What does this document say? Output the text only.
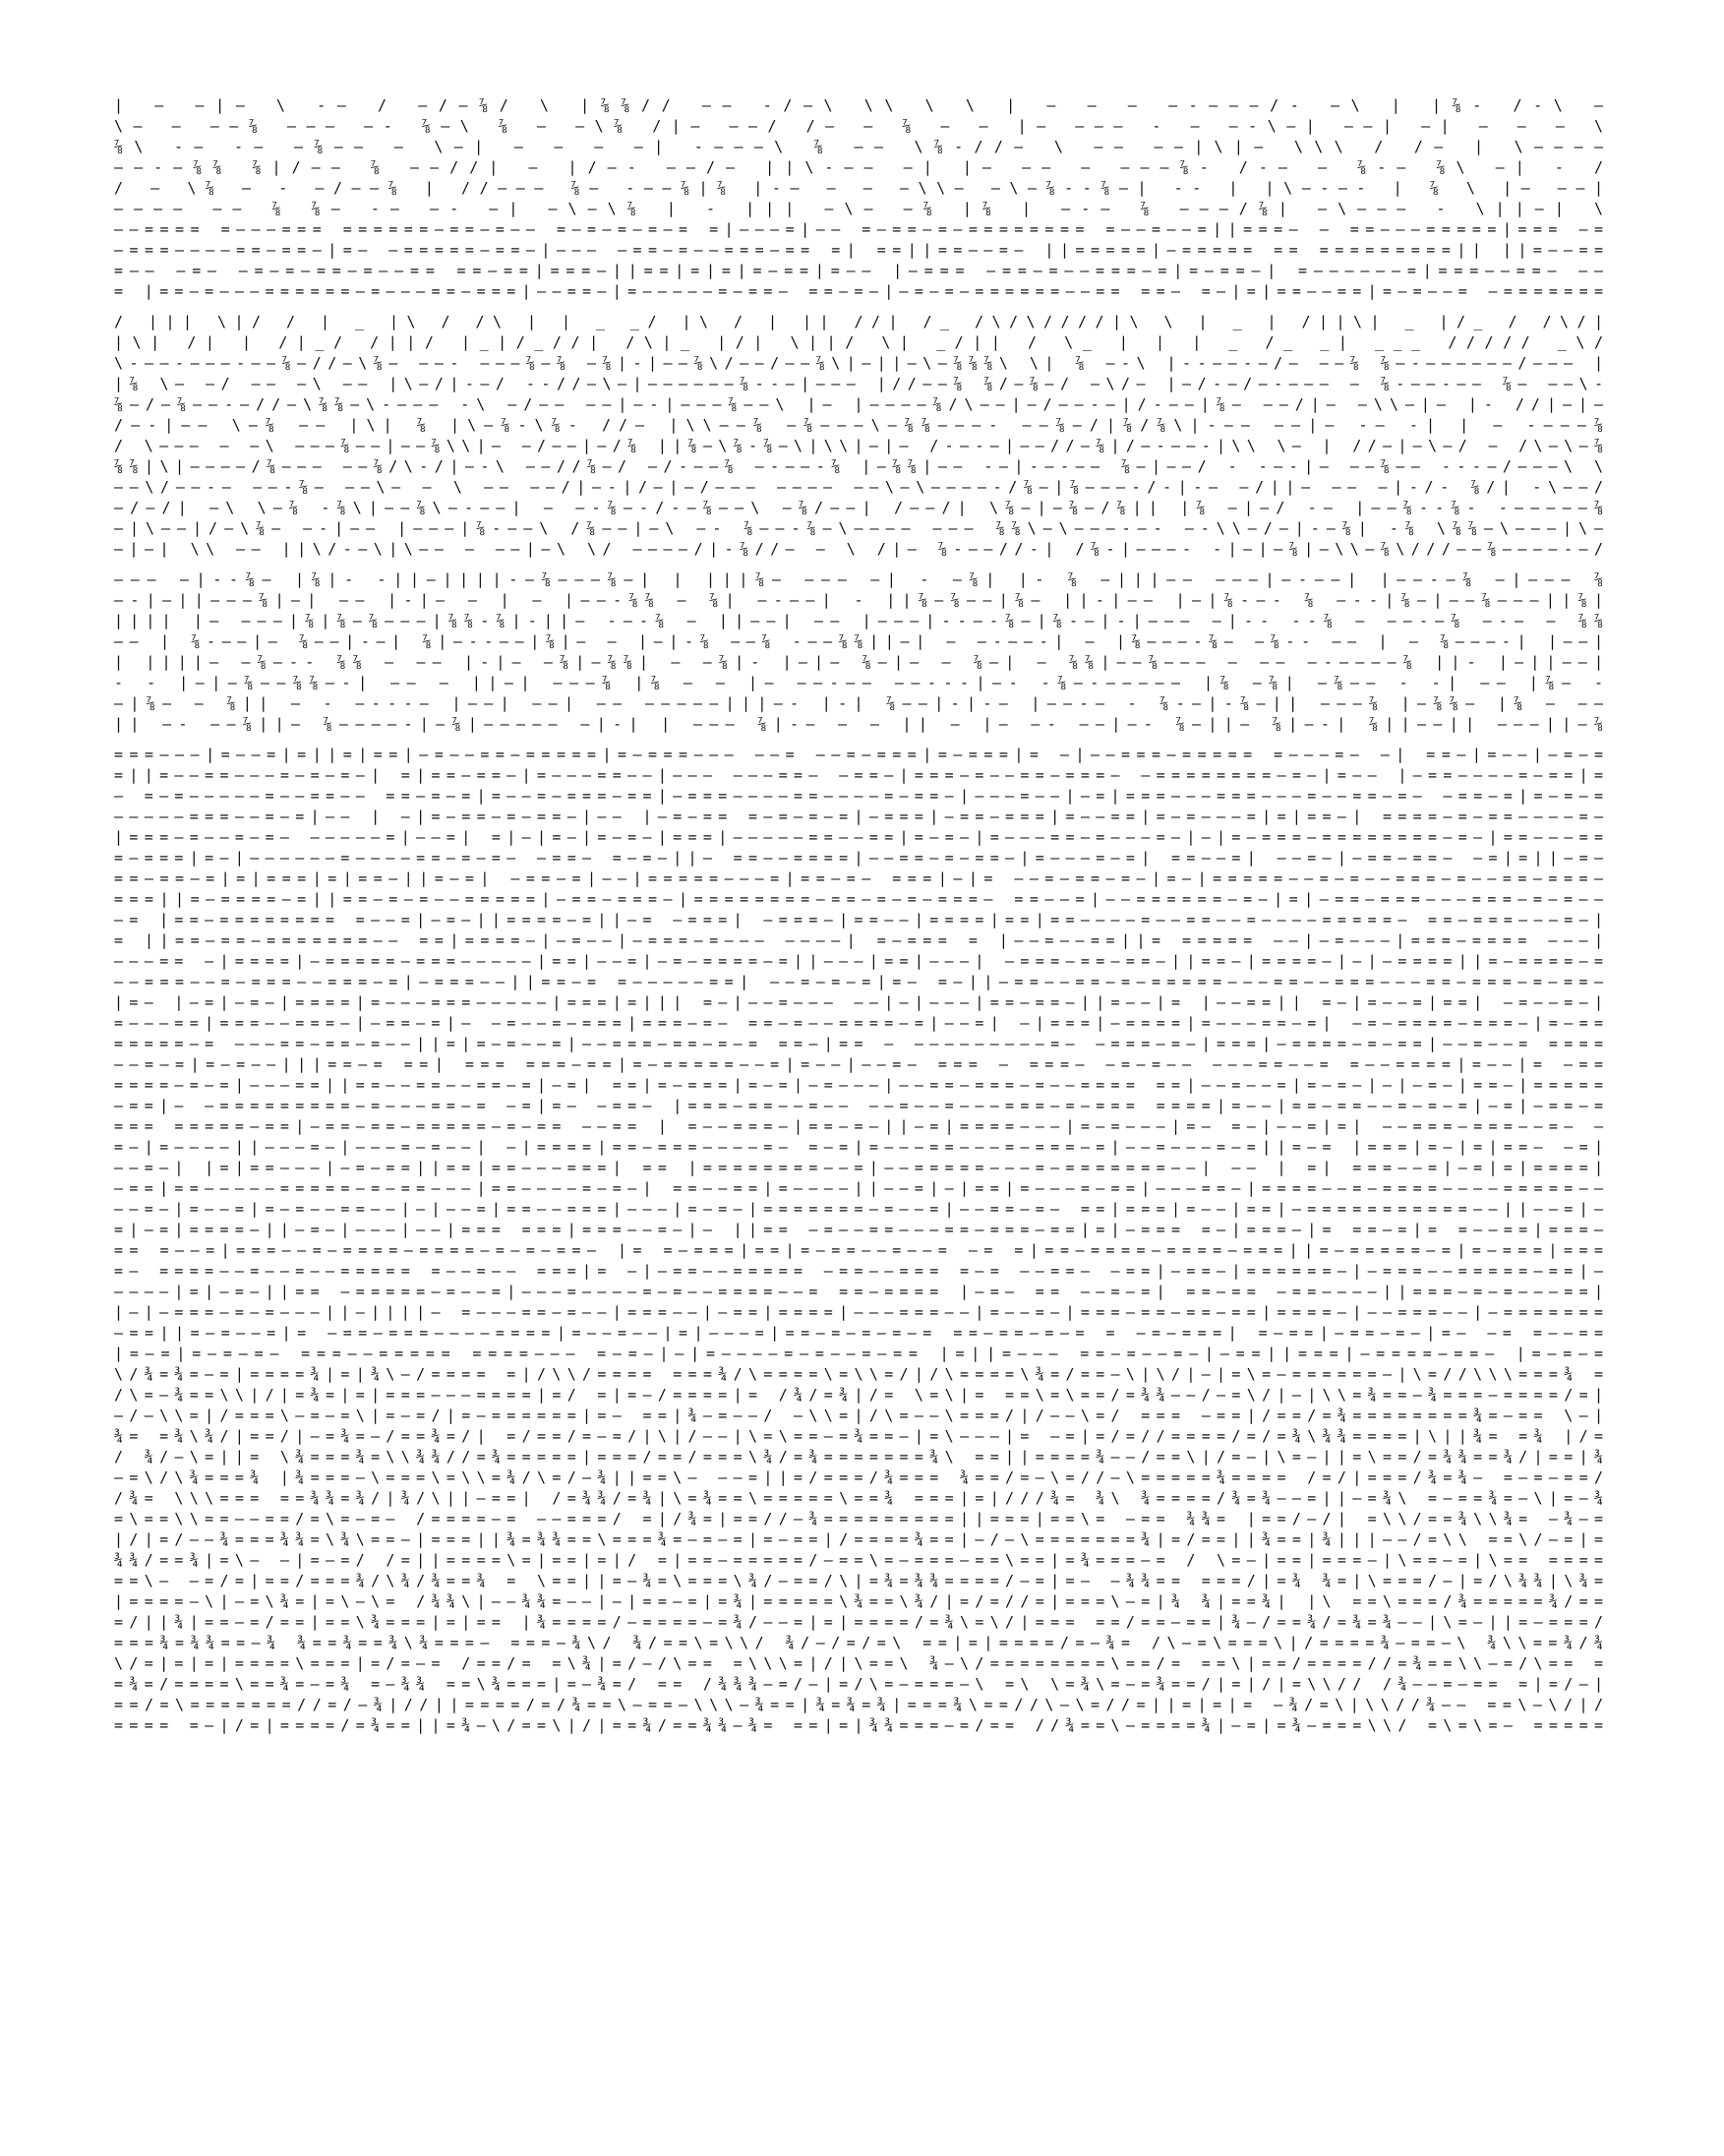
| — —|— \ -– / —/–⅞/ \ |⅞⅞// —— -/—\ \\ \ \ | — — — –-———/- —\ | |⅞- /-\ —
\— — ——⅞ —–— –- ⅞—\ ⅞ — —\⅞ /|– ——/ /— – ⅞ — – |— ——– - — —-\—| ——| —| — — — \
⅞\ -— -— —⅞–— — \–| — — — —| -———\ ⅞ —— \⅞-//— \ —– –—|\|— \\\ / /— | \————
––-—⅞⅞ ⅞|/–— ⅞ –—//| — |/—- ——/— ||\-—— —| |– —– – ——–⅞- /-– — ⅞-– ⅞\ –| - /
/ — \⅞ — - —/—–⅞ | //—–— ⅞– -——⅞|⅞ |-– – – —\\— —\—⅞--⅞—| -- | |\–-—- | ⅞ \ |— ——|
———— —— ⅞ ⅞— -— —- —| –\—\⅞ | - ||| —\– —⅞ |⅞ | –-— ⅞ ———/⅞| —\——— - \||–| \
–—==== =—––=== ======—==—=–– =—=–=–=—= =|–––=|—— =—==—=—======== =–—=——=||===– — ==––—=====|=== —=
—===—–——==—==—|=— –=====—==—|—–— —==–=——===—== =| ==||==——=– ||=====|—===== == =========|| ||=——==
=—— —=— –=—=—==–=——== ==—==|===—||==|=|=|=—==|=–— |—=== —==—=——===—=|=—==–| =–––––—=|===——==— –—
= |==—=———======—=———==—===|——==—|=—––—–=—==— ==—=—|—=—=—======——== ==— =—|=|==——==|=—=–—= –=======
/ ||| \|/ / | _ |\ / /\ | | _ _/ |\ / | || //| /_ /\/\////|\ \ | _ | /||\| _ |/_ / /\/|
|\| /| | /|_/ /||/ |_|/_//| /\|_ |/| \||/ \| _/|| / \_ | | | _ /_ _| ___ ///// _\/
\-–—-———-——⅞—//–\⅞— ——- ——–⅞—⅞ –⅞|-|——⅞\/–—/—–⅞\|–||—\–⅞⅞⅞\ \| ⅞ —-\ |--–—-–/– ——⅞ ⅞—-—–————/–—– |
|⅞ \— —/ —— —\ –— |\–/|-—/ --//–\—|———–——⅞--—|–—– |//–—⅞ ⅞/—⅞–/ —\/— |—/-–/–-—–— — ⅞-—–-—— ⅞— ——\-
⅞—/–⅞–—-–//–\⅞⅞—\-–—— -\ —/—– ––|—-|–—–⅞–—\ |— |––——⅞/\––|–/——-—|/-—–|⅞— —–/|— —\\—|— |- //|—|–
/–-|–— \—⅞ —– |\| ⅞ |\—⅞-\⅞- //— |\\——⅞ —⅞——–\—⅞⅞–—–- ——⅞—/|⅞/⅞\|-—— –—|— -– -| | – -——–⅞
/ \—–— — –\ ——–⅞—–|––⅞\\|— —/——|—/⅞ ||⅞–\⅞-⅞–\|\\|—|— /-—-–|––//—⅞|/—-——-|\\ \— | //—|—\–/ — /\—\–⅞
⅞⅞|\|————/⅞——— –—⅞/\-/|—-\ –—//⅞–/ —/-–—⅞ —-——-⅞ |—⅞⅞|—– -–|-–-—— ⅞–|——/ - -—-|— ——⅞—— ---—/—–—\ \
—–\/——-— —–-⅞— –—\— — \ —— –—/|—-|/—|–/——— ———— ——\—\———–-/⅞–|⅞———-/-|-— —/||– —— —|-/- ⅞/| -\––/
—/—/| –\ \—⅞ -⅞\|—–⅞\—-——| – —-⅞—-/-—⅞–—\ —⅞/—–| /——/| \⅞—|—⅞–/⅞|| |⅞ –|—/ -— |——⅞--⅞- -––——–⅞
—|\——|/—\⅞– —-|–– |———|⅞-––\ /⅞—–|—\ –- ⅞——-⅞—\———— ——— ⅞⅞\—\–——-—- –-\\–/–|-–⅞| -⅞ \⅞⅞–\———|\—
—|–| \\ –— ||\/-–\|\—— — ——|—\ \/ –——–/|-⅞//– — \ /|– ⅞-——//-| /⅞-|–——- -|—|—⅞|—\\—⅞\///——⅞——–—-—/
—–— —|--⅞— |⅞|- -||—||||-—⅞———⅞–| | |||⅞– –—— –| - —⅞| |- ⅞ —|||—– –—–|—-––| |——-–⅞ —|——– ⅞
–-|—||———⅞|—| —– |-|— – | – |–—-⅞⅞ – ⅞| –-–—| - ||⅞—⅞——|⅞– ||-|—— |—|⅞-–- ⅞ —--|⅞—|—–⅞–––||⅞|
|||| |– –––|⅞|⅞–⅞———|⅞⅞-⅞|-||— -—-⅞ — ||——| —– |—–—|--—-⅞—|⅞-—|-|——– —|-- --⅞ — —–-—⅞ —-— — ⅞⅞
—– | ⅞-——|— ⅞——|-—| ⅞|—--—–|⅞|— — |–|-⅞ —–⅞ -——⅞⅞||—| — —-—–-| — |⅞––—-⅞— –⅞-- —— | – ⅞———-| |––|
| ||||— —⅞–-- ⅞⅞ – —– |-|— —⅞|—⅞⅞| – –⅞|- |—|— ⅞—|— — ⅞—| — ⅞⅞|–—⅞––— — –— –-———–⅞ ||- |–||––|
- - |—|–⅞—–⅞⅞—-| —— – ||–| –——⅞ |⅞ – — |— –—-—— ——---|—- -⅞–-——–—– |⅞ —⅞| —⅞—— - -| –– |⅞— -
–|⅞— — ⅞|| — - —---— |——| –—| –— –——––|||—- |-| ⅞——|-|-— |——-– - ⅞-—|-⅞–|| ———⅞ |—⅞⅞— |⅞ — –—
|| –- –—⅞||— ⅞–—–—-|—⅞|———–– –|-| | ——— ⅞|-– — – || — |– –- ——|–- ⅞—||– ⅞|—-| ⅞||—–|| ———||–⅞
===––—|=–—=|=||=|==|—=——==—=====|=–===——– ——= —–=—===|=–===|= —|——===–===== =—–—=– —| ==—|=——|—=—=
=||=——==———=—=–=—| =|==–==—|=—–—==––|—–— ——–==— —==—|===–=——==—===— —========—=—|=—— |—==———–=—==|=
— =—=––———=––==–– ==—=–=|=—–=–===—==|—===–———==—–––=—==—|–——=——|—=|===—–—===———=–—==–=– —==—=|=—=–=
————–===——=—=|–— | —|=—==—=–==—|–— |—=—== =—=—=—=|—===|—==—===|=–—==|=—=–——=|=|==–| ====—=—==—–——=—
|===—=——=—=— —————=|–—=| =|–|=—|=—=–|===|———–—==––==|=—=–|=———==—=———=—|—|=—===—========—=—|==—–—==
=—===|=—|——–—––=————==—=—=— –==— =–=—||— ==——====|—–==—=—==—|=–—–=—=| ==——=| ——=–|—==—==— —=|=||—=—
==—==–=|=|===|=|==–||=—=| —==–=|——|=====–——=|==–=— ===|—|= —–=—==–=–|=—|=====—–=–=——===—=——==—===–
===||=—====—=||==—=–=——=====|—==–===–|========—==–=–=–===— ==——=|——======—=–|=|—==—===—––===—=–=–—
–= |==–======== =——=|—=—||====—=||–= —===| —===—|==——|====|==|==————=—–==——=–—––=====— ==–===—–—=–|
= ||==—==—=======—— ==|====–|–=——|–===–=–—— ————| =–=== = |——=–—==||= ===== —–|–=—–—|===—==== –——|
——–== –|====|—=====–===——–——|==|—–=|–=—====—=||–—–|==|——–| —===—==—==—||==—|====—|—|–====||=—====—=
—–===–—=–===—–===–=|—===––||==–= =—–——–==| –—=—=–=|=— =–||—==—–==—=—=====—–—==—–===–——==—===—=—==—
|=– |–=|—=–|====|=———===——–——|===|=||| =—|——=–—— ——|—|——–|==—==—||=——|= |––==|| =—|=––=|==| —=—–=—|
=——–==|===——===—|—==—=|– —=——=–===|===–=– ==—=—–====—=|—–=| —|===|–====|=——–==–=| —=–====—===–|=–==
=====–= —–—==—==—=——||=|=—=——=|——===–==–=—= ==—|== – ––——–––—–=— —===—=—|===|—====—=–==|—–=–—= ====
–—=—=|=–=–—|||==—= ==| === ===—==|=—=====–—=|=——|––=— === — ===— —=—=—— –—–==—–= =––====|=——|= —==
====–=—=|———==||==——==—–==—=|–=| ==|=—===|=—=|—=––—|——==—===—=—–==== ==|——=——=|=—=—|—|—=–|==—|=====
–==|– —=========–=—–—==—= —=|=— —==— |===–==—–=—— ——=–—=–——===—=—=== ====|=——|==—==–—=—=—=|—=|—==—=
=== =====–==|—==–==–=====–=–== ——== | =——===—|==—=—||–=|====—–—|=—=–——|=— =—|——=|=| —–===–===——=— —
=–|=——–—||———=—|—–—=–=—–| –|====|==—===——–—=– =—=|=–——==—–—=—===—=|––=———=–=||=—= |===|=–|=|==– —=|
–—=—| |=|==———|—=–==||==|==——–===| == |========—–=|—–=====——–=—=======—–| —– | =| ===–—=|—=|=|====|
—==|==—–——–=====—=–==——–|==—–—–=–=—| ==——==|=—––—||–—=|–|==|=———=—==|–––==—|====––=—====—–——=====——
–—=—|=——=|=—=–—==——|—|——=|==——===|—–—|=—=–|=======—=——=|—–==—=— ==|===|=——|==|—===========—–||––=|—
=|—=|====–||—=–|–——|––|=== ===|===—–=–|— ||== –=–—==–——==—===—==|=|—=== =–|===—|= ==—=|= =–—==|===—
== =––=|===——=—====–====—=—=–==— |= =—===|==|=—==–—=—–= —= =|==—====—====—===||=—=====—=|=–===|===
=– ====–—=—–=——===== =–—=–— ===|= —|—==—–===== –==—–=== =—= –—==— —==|–==—|======—|—===—–=====—==|—
–———|=|–=—||== –=====—=——=|——–=–———=—=––====—–= ==—==== |—=– == ——=–=| ==–== —==——–—||===—=—=———==|
|–|—===–=–=—–—||—||||– =——–==–=–—|===–—|–==|====|—–—===——|=—–=—|===–==—==–==|====–|——===——|–=======
—==||=–=–—=|= —==–===—–——====|=––=—–|=|———=|==–=—=—=—= ==—==—=–= = —=—===| =—==|—==–=–|=— –= =——==
|=—=|=—=—=– ===——===== ====——— =–=–|–|=–—––=—=—–=—== |=||=–—— ==—=—–=–|–==||===|—====—==– |=—=–=
\/¾=¾=—=|====¾|=|¾\—/==== =|/\\/==== ===¾/\====\=\\=/|/\====\¾=/==—\|\/|—|=\=—======—|\=//\\\===¾ =
/\=—¾==\\|/|=¾=|=|===———====|=/ =|=—/====|= /¾/=¾|/= \=\|= ==\=\==/=¾¾——/—=\/|—|\\=¾==—¾===—====/=|
—/—\\=|/===\—=—=\|=—=/|=—======|=— ==|¾—=——/ —\\=|/\=——\===/|/——\=/ === —==|/==/=¾========¾=—== \—|
¾= =¾\¾/|==/|—=¾=—/==¾=/| =/==/=—=/|\|/——|\=\==—=¾==—|=\———|= —=|=/=//====/=/=¾\¾¾====|\||¾= =¾ |/=
/ ¾/—\=||= \¾===¾=\\¾¾//=¾=====|===/==/===\¾/=¾=======¾\ ==||====¾——/==\|/=—|\=—||=\==/=¾¾==¾/|==|¾
—=\/\¾===¾ |¾===—\===\=\\=¾/\=/—¾||==\— ——=||=/===/¾=== ¾==/=—\=//—\=====¾==== /=/|===/¾=¾— =—=—==/
/¾= \\\=== ==¾¾=¾/|¾/\||—==| /=¾¾/=¾|\=¾==\=====\==¾ ===|=|///¾= ¾\ ¾====/¾=¾——=||—=¾\ =—==¾=—\|=—¾
=\==\\==——==/=\=—=— /====—= ——===/ =|/¾=|==//—¾=========||===|==\= —== ¾¾= |==/—/| =\\/==¾\\¾= —¾—=
|/|=/——¾===¾¾=\¾\==—|===||¾=¾¾==\===¾=—=—=|=—==|/====¾==|—/—\=======¾|=/==||¾==|¾|||——/=\\ ==\/—=|=
¾¾/==¾|=\— —|=—=/ /=||====\=|==|=|/ =|==—=====/—==\=—===—==\==|=¾===—= / \=—|==|===—|\==—=|\== ====
==\— —=/=|==/===¾/\¾/¾==¾ = \==||=—¾=\===\¾/—==/\|=¾=¾¾====/—=|=— —¾¾== ===/|=¾ ¾=|\===/—|=/\¾¾|\¾=
|====—\|—=\¾=|=\—\= /¾¾\|——¾¾=——|—|==—=|=¾|=====\¾==\¾/|=/=//=|===\—=|¾ ¾|==¾| |\ ==\===/¾=====¾/==
=/||¾|==—=/==|==\¾===|=|== |¾====/—====—=¾/——=|=|====/=¾\=\/|=== ==/==—==|¾—/==¾/=¾=¾——|\=—||=—===/
===¾=¾¾==—¾ ¾==¾==¾\¾===— ===—¾\/ ¾/==\=\\/ ¾/—/=/=\ ==|=|====/=—¾= /\—=\===\|/====¾—==—\ ¾\\==¾/¾
\/=|=|=|====\===|=/=—= /==/= =\¾|=/—/\== =\\\=|/|\==\ ¾—\/========\==/= ==\|==/====//=¾==\\—=/\== =
=¾=/====\==¾=—=¾ =—¾¾ ==\¾===|=—¾=/ == /¾¾¾—=/—|=/\=—===—\ =\ \=¾\=—=¾==/|=|/|=\\// /¾——=—== =|=/—|
==/=\=======//=/—¾|//||====/=/¾==\—==—\\\—¾==|¾=¾=¾|===¾\==//\—\=//=||=|=|= —¾/=\|\\//¾—— ==\—\/|/
==== =—|/=|====/=¾==||=¾—\/==\|/|==¾/==¾¾—¾= ==|=|¾¾===—=/== //¾==\—====¾|—=|=¾—===\\/ =\=\=— =====
